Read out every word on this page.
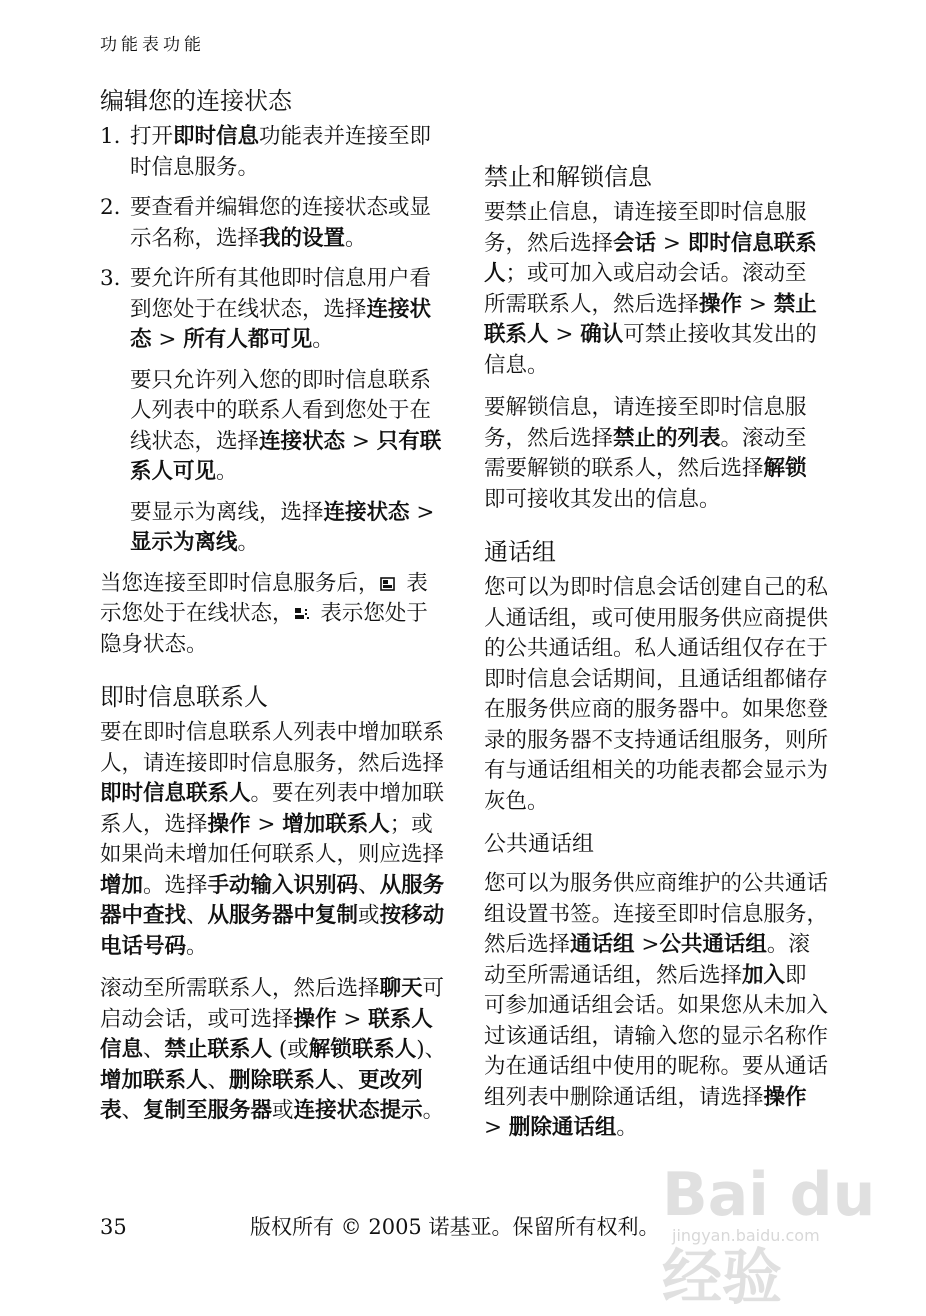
功能表功能
编辑您的连接状态
1. 打开即时信息功能表并连接至即时信息服务。
2. 要查看并编辑您的连接状态或显示名称，选择我的设置。
3. 要允许所有其他即时信息用户看到您处于在线状态，选择连接状态 > 所有人都可见。
要只允许列入您的即时信息联系人列表中的联系人看到您处于在线状态，选择连接状态 > 只有联系人可见。
要显示为离线，选择连接状态 > 显示为离线。

当您连接至即时信息服务后，
表示您处于在线状态，
表示您处于隐身状态。

即时信息联系人

要在即时信息联系人列表中增加联系人，请连接即时信息服务，然后选择即时信息联系人。要在列表中增加联系人，选择操作 > 增加联系人；或如果尚未增加任何联系人，则应选择增加。选择手动输入识别码、从服务器中查找、从服务器中复制或按移动电话号码。

滚动至所需联系人，然后选择聊天可启动会话，或可选择操作 > 联系人信息、禁止联系人 (或解锁联系人)、增加联系人、删除联系人、更改列表、复制至服务器或连接状态提示。

禁止和解锁信息

要禁止信息，请连接至即时信息服务，然后选择会话 > 即时信息联系人；或可加入或启动会话。滚动至所需联系人，然后选择操作 > 禁止联系人 > 确认可禁止接收其发出的信息。

要解锁信息，请连接至即时信息服务，然后选择禁止的列表。滚动至需要解锁的联系人，然后选择解锁即可接收其发出的信息。

通话组

您可以为即时信息会话创建自己的私人通话组，或可使用服务供应商提供的公共通话组。私人通话组仅存在于即时信息会话期间，且通话组都储存在服务供应商的服务器中。如果您登录的服务器不支持通话组服务，则所有与通话组相关的功能表都会显示为灰色。

公共通话组

您可以为服务供应商维护的公共通话组设置书签。连接至即时信息服务，然后选择通话组 >公共通话组。滚动至所需通话组，然后选择加入即可参加通话组会话。如果您从未加入过该通话组，请输入您的显示名称作为在通话组中使用的昵称。要从通话组列表中删除通话组，请选择操作 > 删除通话组。

Bai du 经验
jingyan.baidu.com
35	版权所有 © 2005 诺基亚。保留所有权利。
